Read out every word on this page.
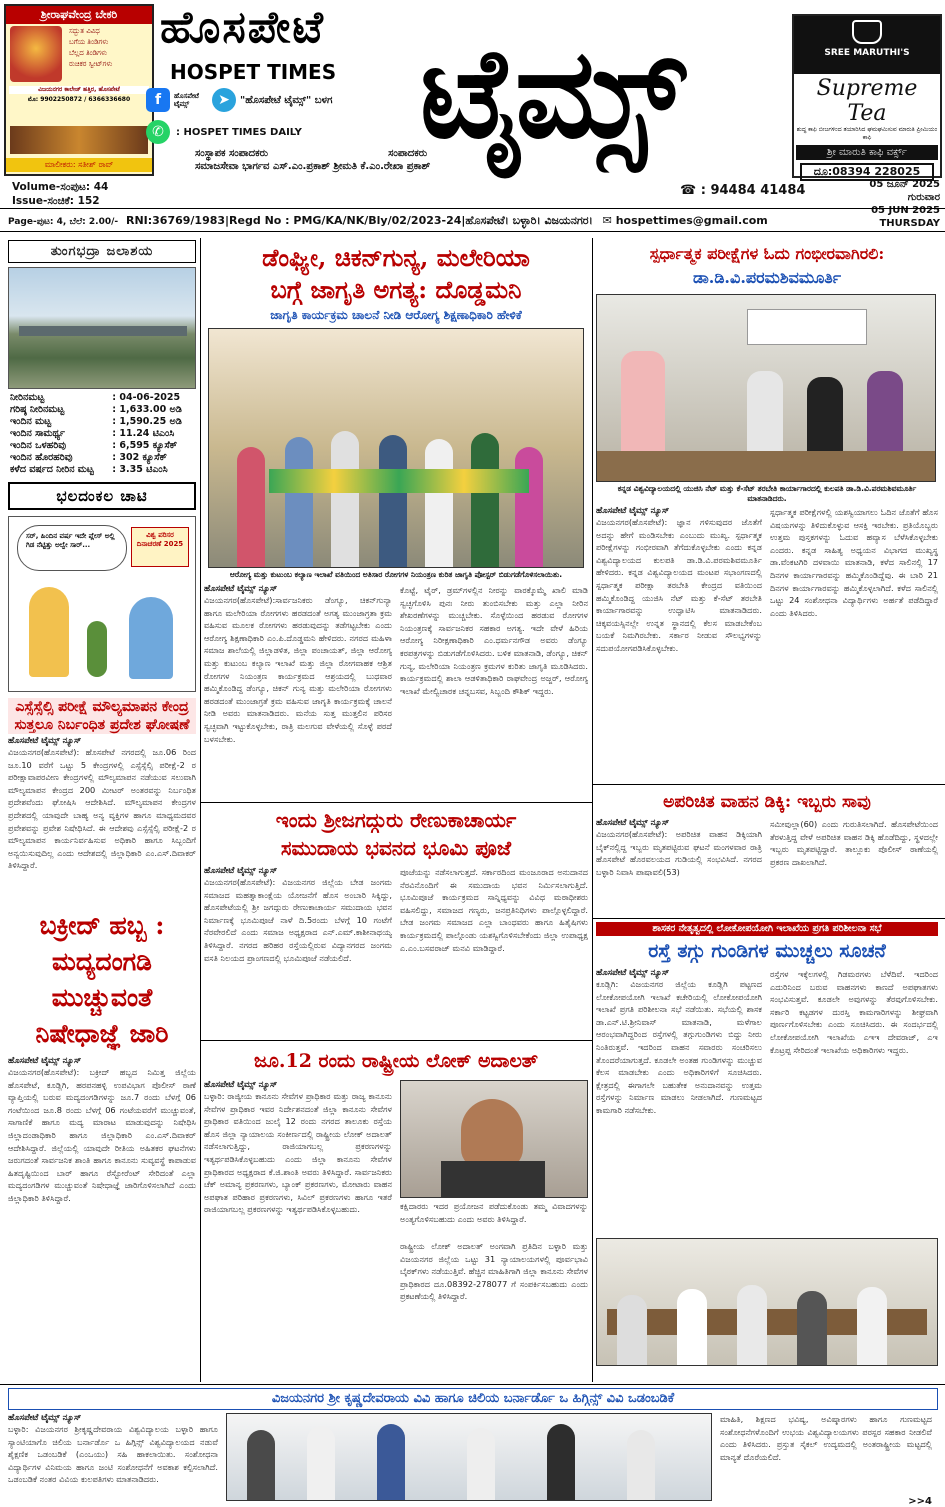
ಶ್ರೀರಾಘವೇಂದ್ರ ಬೇಕರಿ
ಸದ್ಭುತ ವಿವಿಧ
ಬಗೆಯ ತಿಂಡಿಗಳು
ಬೆಲ್ಲದ ತಿಂಡಿಗಳು
ರುಚಿಕರ ಸ್ವೀಟ್‌ಗಳು
ವಿಜಯನಗರ ಕಾಲೇಜ್ ಹತ್ತಿರ, ಹೊಸಪೇಟೆ
ಮೊ: 9902250872 / 6366336680
ಮಾಲೀಕರು: ಸತೀಶ್ ರಾವ್
ಹೊಸಪೇಟೆ
HOSPET TIMES ಟೈಮ್ಸ್
f	ಹೊಸಪೇಟೆ ಟೈಮ್ಸ್	➤	"ಹೊಸಪೇಟೆ ಟೈಮ್ಸ್" ಬಳಗ
✆	: HOSPET TIMES DAILY
ಸಂಸ್ಥಾಪಕ ಸಂಪಾದಕರು	ಸಂಪಾದಕರು
ಸಮಾಜಸೇವಾ ಭಾರ್ಗವ ಎಸ್.ಎಂ.ಪ್ರಕಾಶ್ ಶ್ರೀಮತಿ ಕೆ.ಎಂ.ರೇಖಾ ಪ್ರಕಾಶ್
SREE MARUTHI'S
Supreme Tea
ಶುದ್ಧ ಕಾಫಿ ಬೀಜಗಳಿಂದ ತಯಾರಿಸಿದ ಘಮಘಮಿಸುವ ಮಾರುತಿ ಪ್ರೀಮಿಯಂ ಕಾಫಿ
ಶ್ರೀ ಮಾರುತಿ ಕಾಫಿ ವರ್ಕ್ಸ್
ದೂ:08394 228025
Volume-ಸಂಪುಟ: 44
Issue-ಸಂಚಿಕೆ: 152
☎ : 94484 41484	05 ಜೂನ್ 2025
ಗುರುವಾರ
05 JUN 2025
THURSDAY
Page-ಪುಟ: 4, ಬೆಲೆ: 2.00/- RNI:36769/1983|Regd No : PMG/KA/NK/Bly/02/2023-24|ಹೊಸಪೇಟೆ। ಬಳ್ಳಾರಿ। ವಿಜಯನಗರ। ✉ hospettimes@gmail.com
ತುಂಗಭದ್ರಾ ಜಲಾಶಯ
ನೀರಿನಮಟ್ಟ	: 04-06-2025
ಗರಿಷ್ಠ ನೀರಿನಮಟ್ಟ	: 1,633.00 ಅಡಿ
ಇಂದಿನ ಮಟ್ಟ	: 1,590.25 ಅಡಿ
ಇಂದಿನ ಸಾಮರ್ಥ್ಯ	: 11.24 ಟಿಎಂಸಿ
ಇಂದಿನ ಒಳಹರಿವು	: 6,595 ಕ್ಯೂಸೆಕ್
ಇಂದಿನ ಹೊರಹರಿವು	: 302 ಕ್ಯೂಸೆಕ್
ಕಳೆದ ವರ್ಷದ ನೀರಿನ ಮಟ್ಟ	: 3.35 ಟಿಎಂಸಿ
ಭಲದಂಕಲ ಚಾಟಿ
ಸರ್, ಹಿಂದಿನ ವರ್ಷ ಇದೇ ಪ್ಲೇಸ್ ಅಲ್ಲಿ ಗಿಡ ನೆಟ್ಟಿತ್ತು ಅಲ್ವೇ ಸಾರ್...
ವಿಶ್ವ ಪರಿಸರ ದಿನಾಚರಣೆ 2025
ಎಸ್ಸೆಸ್ಸೆಲ್ಸಿ ಪರೀಕ್ಷೆ ಮೌಲ್ಯಮಾಪನ ಕೇಂದ್ರ ಸುತ್ತಲೂ ನಿರ್ಬಂಧಿತ ಪ್ರದೇಶ ಘೋಷಣೆ
ಹೊಸಪೇಟೆ ಟೈಮ್ಸ್ ನ್ಯೂಸ್
ವಿಜಯನಗರ(ಹೊಸಪೇಟೆ): ಹೊಸಪೇಟೆ ನಗರದಲ್ಲಿ ಜೂ.06 ರಿಂದ ಜೂ.10 ವರೆಗೆ ಒಟ್ಟು 5 ಕೇಂದ್ರಗಳಲ್ಲಿ ಎಸ್ಸೆಸ್ಸೆಲ್ಸಿ ಪರೀಕ್ಷೆ-2 ರ ಪರೀಕ್ಷಾವಾಪರವೀಣ ಕೇಂದ್ರಗಳಲ್ಲಿ ಮೌಲ್ಯಮಾಪನ ನಡೆಯುವ ಸಲುವಾಗಿ ಮೌಲ್ಯಮಾಪನ ಕೇಂದ್ರದ 200 ಮೀಟರ್ ಅಂತರವನ್ನು ನಿರ್ಬಂಧಿತ ಪ್ರದೇಶವೆಂದು ಘೋಷಿಸಿ ಆದೇಶಿಸಿದೆ. ಮೌಲ್ಯಮಾಪನ ಕೇಂದ್ರಗಳ ಪ್ರದೇಶದಲ್ಲಿ ಯಾವುದೇ ಬಾಹ್ಯ ಅನ್ಯ ವ್ಯಕ್ತಿಗಳ ಹಾಗೂ ಮಾಧ್ಯಮದವರ ಪ್ರವೇಶವನ್ನು ಪ್ರವೇಶ ನಿಷೇಧಿಸಿದೆ. ಈ ಆದೇಶವು ಎಸ್ಸೆಸ್ಸೆಲ್ಸಿ ಪರೀಕ್ಷೆ-2 ರ ಮೌಲ್ಯಮಾಪನ ಕಾರ್ಯನಿರ್ವಹಿಸುವ ಅಧಿಕಾರಿ ಹಾಗೂ ಸಿಬ್ಬಂದಿಗೆ ಅನ್ವಯಿಸುವುದಿಲ್ಲ ಎಂದು ಆದೇಶದಲ್ಲಿ ಜಿಲ್ಲಾಧಿಕಾರಿ ಎಂ.ಎಸ್.ದಿವಾಕರ್ ತಿಳಿಸಿದ್ದಾರೆ.
ಬಕ್ರೀದ್ ಹಬ್ಬ : ಮದ್ಯದಂಗಡಿ ಮುಚ್ಚುವಂತೆ ನಿಷೇಧಾಜ್ಞೆ ಜಾರಿ
ಹೊಸಪೇಟೆ ಟೈಮ್ಸ್ ನ್ಯೂಸ್
ವಿಜಯನಗರ(ಹೊಸಪೇಟೆ): ಬಕ್ರೀದ್ ಹಬ್ಬದ ನಿಮಿತ್ತ ಜಿಲ್ಲೆಯ ಹೊಸಪೇಟೆ, ಕೂಡ್ಲಿಗಿ, ಹರಪನಹಳ್ಳಿ ಉಪವಿಭಾಗ ಪೊಲೀಸ್ ಠಾಣೆ ವ್ಯಾಪ್ತಿಯಲ್ಲಿ ಬರುವ ಮದ್ಯದಂಗಡಿಗಳನ್ನು ಜೂ.7 ರಂದು ಬೆಳಗ್ಗೆ 06 ಗಂಟೆಯಿಂದ ಜೂ.8 ರಂದು ಬೆಳಗ್ಗೆ 06 ಗಂಟೆಯವರೆಗೆ ಮುಚ್ಚುವಂತೆ, ಸಾಗಾಣಿಕೆ ಹಾಗೂ ಮದ್ಯ ಮಾರಾಟ ಮಾಡುವುದನ್ನು ನಿಷೇಧಿಸಿ ಜಿಲ್ಲಾದಂಡಾಧಿಕಾರಿ ಹಾಗೂ ಜಿಲ್ಲಾಧಿಕಾರಿ ಎಂ.ಎಸ್.ದಿವಾಕರ್ ಆದೇಶಿಸಿದ್ದಾರೆ. ಜಿಲ್ಲೆಯಲ್ಲಿ ಯಾವುದೇ ರೀತಿಯ ಅಹಿತಕರ ಘಟನೆಗಳು ಜರುಗದಂತೆ ಸಾರ್ವಜನಿಕ ಶಾಂತಿ ಹಾಗೂ ಕಾನೂನು ಸುವ್ಯವಸ್ಥೆ ಕಾಪಾಡುವ ಹಿತದೃಷ್ಟಿಯಿಂದ ಬಾರ್ ಹಾಗೂ ರೆಸ್ಟೋರೆಂಟ್ ಸೇರಿದಂತೆ ಎಲ್ಲಾ ಮದ್ಯದಂಗಡಿಗಳ ಮುಚ್ಚುವಂತೆ ನಿಷೇಧಾಜ್ಞೆ ಜಾರಿಗೊಳಿಸಲಾಗಿದೆ ಎಂದು ಜಿಲ್ಲಾಧಿಕಾರಿ ತಿಳಿಸಿದ್ದಾರೆ.
ಡೆಂಘ್ಯೀ, ಚಿಕನ್‌ಗುನ್ಯ, ಮಲೇರಿಯಾ
ಬಗ್ಗೆ ಜಾಗೃತಿ ಅಗತ್ಯ: ದೊಡ್ಡಮನಿ
ಜಾಗೃತಿ ಕಾರ್ಯಕ್ರಮ ಚಾಲನೆ ನೀಡಿ ಆರೋಗ್ಯ ಶಿಕ್ಷಣಾಧಿಕಾರಿ ಹೇಳಿಕೆ
ಆರೋಗ್ಯ ಮತ್ತು ಕುಟುಂಬ ಕಲ್ಯಾಣ ಇಲಾಖೆ ವತಿಯಿಂದ ಅತಿಸಾರ ರೋಗಗಳ ನಿಯಂತ್ರಣ ಕುರಿತ ಜಾಗೃತಿ ಪೋಸ್ಟರ್ ಬಿಡುಗಡೆಗೊಳಿಸಲಾಯಿತು.
ಹೊಸಪೇಟೆ ಟೈಮ್ಸ್ ನ್ಯೂಸ್
ವಿಜಯನಗರ(ಹೊಸಪೇಟೆ):ಸಾರ್ವಜನಿಕರು ಡೆಂಗ್ಯೂ, ಚಿಕನ್‌ಗುನ್ಯಾ ಹಾಗೂ ಮಲೇರಿಯಾ ರೋಗಗಳು ಹರಡದಂತೆ ಅಗತ್ಯ ಮುಂಜಾಗ್ರತಾ ಕ್ರಮ ವಹಿಸುವ ಮೂಲಕ ರೋಗಗಳು ಹರಡುವುದನ್ನು ತಡೆಗಟ್ಟಬೇಕು ಎಂದು ಆರೋಗ್ಯ ಶಿಕ್ಷಣಾಧಿಕಾರಿ ಎಂ.ಪಿ.ದೊಡ್ಡಮನಿ ಹೇಳಿದರು. ನಗರದ ಮಹಿಳಾ ಸಮಾಜ ಶಾಲೆಯಲ್ಲಿ ಜಿಲ್ಲಾಡಳಿತ, ಜಿಲ್ಲಾ ಪಂಚಾಯತ್, ಜಿಲ್ಲಾ ಆರೋಗ್ಯ ಮತ್ತು ಕುಟುಂಬ ಕಲ್ಯಾಣ ಇಲಾಖೆ ಮತ್ತು ಜಿಲ್ಲಾ ರೋಗವಾಹಕ ಆಶ್ರಿತ ರೋಗಗಳ ನಿಯಂತ್ರಣ ಕಾರ್ಯಕ್ರಮದ ಆಶ್ರಯದಲ್ಲಿ ಬುಧವಾರ ಹಮ್ಮಿಕೊಂಡಿದ್ದ ಡೆಂಗ್ಯೂ, ಚಿಕನ್ ಗುನ್ಯ ಮತ್ತು ಮಲೇರಿಯಾ ರೋಗಗಳು ಹರಡದಂತೆ ಮುಂಜಾಗ್ರತೆ ಕ್ರಮ ವಹಿಸುವ ಜಾಗೃತಿ ಕಾರ್ಯಕ್ರಮಕ್ಕೆ ಚಾಲನೆ ನೀಡಿ ಅವರು ಮಾತನಾಡಿದರು. ಮನೆಯ ಸುತ್ತ ಮುತ್ತಲಿನ ಪರಿಸರ ಸ್ವಚ್ಛವಾಗಿ ಇಟ್ಟುಕೊಳ್ಳಬೇಕು, ರಾತ್ರಿ ಮಲಗುವ ವೇಳೆಯಲ್ಲಿ ಸೊಳ್ಳೆ ಪರದೆ ಬಳಸಬೇಕು.
ಕೊಟ್ಟೆ, ಟೈರ್, ಡ್ರಮ್‌ಗಳಲ್ಲಿನ ನೀರನ್ನು ವಾರಕ್ಕೊಮ್ಮೆ ಖಾಲಿ ಮಾಡಿ ಸ್ವಚ್ಛಗೊಳಿಸಿ ಪುನಃ ನೀರು ತುಂಬಿಸಬೇಕು ಮತ್ತು ಎಲ್ಲಾ ನೀರಿನ ಶೇಖರಣೆಗಳನ್ನು ಮುಚ್ಚಬೇಕು. ಸೊಳ್ಳೆಯಿಂದ ಹರಡುವ ರೋಗಗಳ ನಿಯಂತ್ರಣಕ್ಕೆ ಸಾರ್ವಜನಿಕರ ಸಹಕಾರ ಅಗತ್ಯ. ಇದೇ ವೇಳೆ ಹಿರಿಯ ಆರೋಗ್ಯ ನಿರೀಕ್ಷಣಾಧಿಕಾರಿ ಎಂ.ಧರ್ಮನಗೌಡ ಅವರು ಡೆಂಗ್ಯೂ ಕರಪತ್ರಗಳನ್ನು ಬಿಡುಗಡೆಗೊಳಿಸಿದರು. ಬಳಿಕ ಮಾತನಾಡಿ, ಡೆಂಗ್ಯೂ, ಚಿಕನ್ ಗುನ್ಯ, ಮಲೇರಿಯಾ ನಿಯಂತ್ರಣ ಕ್ರಮಗಳ ಕುರಿತು ಜಾಗೃತಿ ಮೂಡಿಸಿದರು. ಕಾರ್ಯಕ್ರಮದಲ್ಲಿ ಶಾಲಾ ಆಡಳಿತಾಧಿಕಾರಿ ರಾಘವೇಂದ್ರ ಅಜ್ಜರ್, ಆರೋಗ್ಯ ಇಲಾಖೆ ಮೇಲ್ವಿಚಾರಕ ಚನ್ನಬಸವ, ಸಿಬ್ಬಂದಿ ಕೌಶಿಕ್ ಇದ್ದರು.
ಇಂದು ಶ್ರೀಜಗದ್ಗುರು ರೇಣುಕಾಚಾರ್ಯ
ಸಮುದಾಯ ಭವನದ ಭೂಮಿ ಪೂಜೆ
ಹೊಸಪೇಟೆ ಟೈಮ್ಸ್ ನ್ಯೂಸ್
ವಿಜಯನಗರ(ಹೊಸಪೇಟೆ): ವಿಜಯನಗರ ಜಿಲ್ಲೆಯ ಬೇಡ ಜಂಗಮ ಸಮಾಜದ ಮಹತ್ವಾಕಾಂಕ್ಷೆಯ ಯೋಜನೆಗೆ ಹೊಸ ಅಂಬಾರಿ ಸಿಕ್ಕಿದ್ದು, ಹೊಸಪೇಟೆಯಲ್ಲಿ ಶ್ರೀ ಜಗದ್ಗುರು ರೇಣುಕಾಚಾರ್ಯ ಸಮುದಾಯ ಭವನ ನಿರ್ಮಾಣಕ್ಕೆ ಭೂಮಿಪೂಜೆ ನಾಳೆ ದಿ.5ರಂದು ಬೆಳಗ್ಗೆ 10 ಗಂಟೆಗೆ ನೆರವೇರಲಿದೆ ಎಂದು ಸಮಾಜ ಅಧ್ಯಕ್ಷರಾದ ಎನ್.ಎಮ್.ಕಾಶೀನಾಥಯ್ಯ ತಿಳಿಸಿದ್ದಾರೆ. ನಗರದ ಹರಿಹರ ರಸ್ತೆಯಲ್ಲಿರುವ ವಿದ್ಯಾನಗರದ ಜಂಗಮ ವಸತಿ ನಿಲಯದ ಪ್ರಾಂಗಣದಲ್ಲಿ ಭೂಮಿಪೂಜೆ ನಡೆಯಲಿದೆ.
ಪೂಜೆಯನ್ನು ನಡೆಸಲಾಗುತ್ತದೆ. ಸರ್ಕಾರದಿಂದ ಮಂಜೂರಾದ ಅನುದಾನದ ನೆರವಿನೊಂದಿಗೆ ಈ ಸಮುದಾಯ ಭವನ ನಿರ್ಮಿಸಲಾಗುತ್ತಿದೆ. ಭೂಮಿಪೂಜೆ ಕಾರ್ಯಕ್ರಮದ ಸಾನ್ನಿಧ್ಯವನ್ನು ವಿವಿಧ ಮಠಾಧೀಶರು ವಹಿಸಲಿದ್ದು, ಸಮಾಜದ ಗಣ್ಯರು, ಜನಪ್ರತಿನಿಧಿಗಳು ಪಾಲ್ಗೊಳ್ಳಲಿದ್ದಾರೆ. ಬೇಡ ಜಂಗಮ ಸಮಾಜದ ಎಲ್ಲಾ ಬಾಂಧವರು ಹಾಗೂ ಹಿತೈಷಿಗಳು ಕಾರ್ಯಕ್ರಮದಲ್ಲಿ ಪಾಲ್ಗೊಂಡು ಯಶಸ್ವಿಗೊಳಿಸಬೇಕೆಂದು ಜಿಲ್ಲಾ ಉಪಾಧ್ಯಕ್ಷ ಎ.ಎಂ.ಬಸವರಾಜ್ ಮನವಿ ಮಾಡಿದ್ದಾರೆ.
ಜೂ.12 ರಂದು ರಾಷ್ಟ್ರೀಯ ಲೋಕ್ ಅದಾಲತ್
ಹೊಸಪೇಟೆ ಟೈಮ್ಸ್ ನ್ಯೂಸ್
ಬಳ್ಳಾರಿ: ರಾಜ್ಯೀಯ ಕಾನೂನು ಸೇವೆಗಳ ಪ್ರಾಧಿಕಾರ ಮತ್ತು ರಾಜ್ಯ ಕಾನೂನು ಸೇವೆಗಳ ಪ್ರಾಧಿಕಾರ ಇವರ ನಿರ್ದೇಶನದಂತೆ ಜಿಲ್ಲಾ ಕಾನೂನು ಸೇವೆಗಳ ಪ್ರಾಧಿಕಾರ ವತಿಯಿಂದ ಜುಲೈ 12 ರಂದು ನಗರದ ತಾಲೂಕು ರಸ್ತೆಯ ಹೊಸ ಜಿಲ್ಲಾ ನ್ಯಾಯಾಲಯ ಸಂಕೀರ್ಣದಲ್ಲಿ ರಾಷ್ಟ್ರೀಯ ಲೋಕ್ ಅದಾಲತ್ ನಡೆಸಲಾಗುತ್ತಿದ್ದು, ರಾಜಿಯಾಗಬಲ್ಲ ಪ್ರಕರಣಗಳನ್ನು ಇತ್ಯರ್ಥಪಡಿಸಿಕೊಳ್ಳಬಹುದು ಎಂದು ಜಿಲ್ಲಾ ಕಾನೂನು ಸೇವೆಗಳ ಪ್ರಾಧಿಕಾರದ ಅಧ್ಯಕ್ಷರಾದ ಕೆ.ಜಿ.ಶಾಂತಿ ಅವರು ತಿಳಿಸಿದ್ದಾರೆ. ಸಾರ್ವಜನಿಕರು ಚೆಕ್ ಅಮಾನ್ಯ ಪ್ರಕರಣಗಳು, ಬ್ಯಾಂಕ್ ಪ್ರಕರಣಗಳು, ಮೋಟಾರು ವಾಹನ ಅಪಘಾತ ಪರಿಹಾರ ಪ್ರಕರಣಗಳು, ಸಿವಿಲ್ ಪ್ರಕರಣಗಳು ಹಾಗೂ ಇತರೆ ರಾಜಿಯಾಗಬಲ್ಲ ಪ್ರಕರಣಗಳನ್ನು ಇತ್ಯರ್ಥಪಡಿಸಿಕೊಳ್ಳಬಹುದು.	ಕಕ್ಷಿದಾರರು ಇದರ ಪ್ರಯೋಜನ ಪಡೆದುಕೊಂಡು ತಮ್ಮ ವಿವಾದಗಳನ್ನು ಅಂತ್ಯಗೊಳಿಸಬಹುದು ಎಂದು ಅವರು ತಿಳಿಸಿದ್ದಾರೆ.
ರಾಷ್ಟ್ರೀಯ ಲೋಕ್ ಅದಾಲತ್ ಅಂಗವಾಗಿ ಪ್ರತಿದಿನ ಬಳ್ಳಾರಿ ಮತ್ತು ವಿಜಯನಗರ ಜಿಲ್ಲೆಯ ಒಟ್ಟು 31 ನ್ಯಾಯಾಲಯಗಳಲ್ಲಿ ಪೂರ್ವಭಾವಿ ಬೈಠಕ್‌ಗಳು ನಡೆಯುತ್ತಿವೆ. ಹೆಚ್ಚಿನ ಮಾಹಿತಿಗಾಗಿ ಜಿಲ್ಲಾ ಕಾನೂನು ಸೇವೆಗಳ ಪ್ರಾಧಿಕಾರದ ದೂ.08392-278077 ಗೆ ಸಂಪರ್ಕಿಸಬಹುದು ಎಂದು ಪ್ರಕಟಣೆಯಲ್ಲಿ ತಿಳಿಸಿದ್ದಾರೆ.
ಸ್ಪರ್ಧಾತ್ಮಕ ಪರೀಕ್ಷೆಗಳ ಓದು ಗಂಭೀರವಾಗಿರಲಿ:
ಡಾ.ಡಿ.ವಿ.ಪರಮಶಿವಮೂರ್ತಿ
ಕನ್ನಡ ವಿಶ್ವವಿದ್ಯಾಲಯದಲ್ಲಿ ಯುಜಿಸಿ ನೆಟ್ ಮತ್ತು ಕೆ-ಸೆಟ್ ತರಬೇತಿ ಕಾರ್ಯಾಗಾರದಲ್ಲಿ ಕುಲಪತಿ ಡಾ.ಡಿ.ವಿ.ಪರಮಶಿವಮೂರ್ತಿ ಮಾತನಾಡಿದರು.
ಹೊಸಪೇಟೆ ಟೈಮ್ಸ್ ನ್ಯೂಸ್
ವಿಜಯನಗರ(ಹೊಸಪೇಟೆ): ಜ್ಞಾನ ಗಳಿಸುವುದರ ಜೊತೆಗೆ ಅದನ್ನು ಹೇಗೆ ಮಂಡಿಸಬೇಕು ಎಂಬುದು ಮುಖ್ಯ. ಸ್ಪರ್ಧಾತ್ಮಕ ಪರೀಕ್ಷೆಗಳನ್ನು ಗಂಭೀರವಾಗಿ ತೆಗೆದುಕೊಳ್ಳಬೇಕು ಎಂದು ಕನ್ನಡ ವಿಶ್ವವಿದ್ಯಾಲಯದ ಕುಲಪತಿ ಡಾ.ಡಿ.ವಿ.ಪರಮಶಿವಮೂರ್ತಿ ಹೇಳಿದರು. ಕನ್ನಡ ವಿಶ್ವವಿದ್ಯಾಲಯದ ಮಂಟಪ ಸಭಾಂಗಣದಲ್ಲಿ ಸ್ಪರ್ಧಾತ್ಮಕ ಪರೀಕ್ಷಾ ತರಬೇತಿ ಕೇಂದ್ರದ ವತಿಯಿಂದ ಹಮ್ಮಿಕೊಂಡಿದ್ದ ಯುಜಿಸಿ ನೆಟ್ ಮತ್ತು ಕೆ-ಸೆಟ್ ತರಬೇತಿ ಕಾರ್ಯಾಗಾರವನ್ನು ಉದ್ಘಾಟಿಸಿ ಮಾತನಾಡಿದರು. ಚಿಕ್ಕವಯಸ್ಸಿನಲ್ಲೇ ಉನ್ನತ ಸ್ಥಾನದಲ್ಲಿ ಕೆಲಸ ಮಾಡಬೇಕೆಂಬ ಬಯಕೆ ನಿಮಗಿರಬೇಕು. ಸರ್ಕಾರ ನೀಡುವ ಸೌಲಭ್ಯಗಳನ್ನು ಸದುಪಯೋಗಪಡಿಸಿಕೊಳ್ಳಬೇಕು.
ಸ್ಪರ್ಧಾತ್ಮಕ ಪರೀಕ್ಷೆಗಳಲ್ಲಿ ಯಶಸ್ವಿಯಾಗಲು ಓದಿನ ಜೊತೆಗೆ ಹೊಸ ವಿಷಯಗಳನ್ನು ತಿಳಿದುಕೊಳ್ಳುವ ಆಸಕ್ತಿ ಇರಬೇಕು. ಪ್ರತಿಯೊಬ್ಬರು ಉತ್ತಮ ಪುಸ್ತಕಗಳನ್ನು ಓದುವ ಹವ್ಯಾಸ ಬೆಳೆಸಿಕೊಳ್ಳಬೇಕು ಎಂದರು. ಕನ್ನಡ ಸಾಹಿತ್ಯ ಅಧ್ಯಯನ ವಿಭಾಗದ ಮುಖ್ಯಸ್ಥ ಡಾ.ವೆಂಕಟಗಿರಿ ದಳವಾಯಿ ಮಾತನಾಡಿ, ಕಳೆದ ಸಾಲಿನಲ್ಲಿ 17 ದಿನಗಳ ಕಾರ್ಯಾಗಾರವನ್ನು ಹಮ್ಮಿಕೊಂಡಿದ್ದೆವು. ಈ ಬಾರಿ 21 ದಿನಗಳ ಕಾರ್ಯಾಗಾರವನ್ನು ಹಮ್ಮಿಕೊಳ್ಳಲಾಗಿದೆ. ಕಳೆದ ಸಾಲಿನಲ್ಲಿ ಒಟ್ಟು 24 ಸಂಶೋಧನಾ ವಿದ್ಯಾರ್ಥಿಗಳು ಅರ್ಹತೆ ಪಡೆದಿದ್ದಾರೆ ಎಂದು ತಿಳಿಸಿದರು.
ಅಪರಿಚಿತ ವಾಹನ ಡಿಕ್ಕಿ: ಇಬ್ಬರು ಸಾವು
ಹೊಸಪೇಟೆ ಟೈಮ್ಸ್ ನ್ಯೂಸ್
ವಿಜಯನಗರ(ಹೊಸಪೇಟೆ): ಅಪರಿಚಿತ ವಾಹನ ಡಿಕ್ಕಿಯಾಗಿ ಬೈಕ್‌ನಲ್ಲಿದ್ದ ಇಬ್ಬರು ಮೃತಪಟ್ಟಿರುವ ಘಟನೆ ಮಂಗಳವಾರ ರಾತ್ರಿ ಹೊಸಪೇಟೆ ಹೊರವಲಯದ ಗುಡಿಯಲ್ಲಿ ಸಂಭವಿಸಿದೆ. ನಗರದ ಬಳ್ಳಾರಿ ನಿವಾಸಿ ಪಾಷಾವಲಿ(53)
ಸಮೀವುಲ್ಲಾ(60) ಎಂದು ಗುರುತಿಸಲಾಗಿದೆ. ಹೊಸಪೇಟೆಯಿಂದ ತೆರಳುತ್ತಿದ್ದ ವೇಳೆ ಅಪರಿಚಿತ ವಾಹನ ಡಿಕ್ಕಿ ಹೊಡೆದಿದ್ದು, ಸ್ಥಳದಲ್ಲೇ ಇಬ್ಬರು ಮೃತಪಟ್ಟಿದ್ದಾರೆ. ತಾಲ್ಲೂಕು ಪೊಲೀಸ್ ಠಾಣೆಯಲ್ಲಿ ಪ್ರಕರಣ ದಾಖಲಾಗಿದೆ.
ಶಾಸಕರ ನೇತೃತ್ವದಲ್ಲಿ ಲೋಕೋಪಯೋಗಿ ಇಲಾಖೆಯ ಪ್ರಗತಿ ಪರಿಶೀಲನಾ ಸಭೆ
ರಸ್ತೆ ತಗ್ಗು ಗುಂಡಿಗಳ ಮುಚ್ಚಲು ಸೂಚನೆ
ಹೊಸಪೇಟೆ ಟೈಮ್ಸ್ ನ್ಯೂಸ್
ಕೂಡ್ಲಿಗಿ: ವಿಜಯನಗರ ಜಿಲ್ಲೆಯ ಕೂಡ್ಲಿಗಿ ಪಟ್ಟಣದ ಲೋಕೋಪಯೋಗಿ ಇಲಾಖೆ ಕಚೇರಿಯಲ್ಲಿ ಲೋಕೋಪಯೋಗಿ ಇಲಾಖೆ ಪ್ರಗತಿ ಪರಿಶೀಲನಾ ಸಭೆ ನಡೆಯಿತು. ಸಭೆಯಲ್ಲಿ ಶಾಸಕ ಡಾ.ಎನ್.ಟಿ.ಶ್ರೀನಿವಾಸ್ ಮಾತನಾಡಿ, ಮಳೆಗಾಲ ಆರಂಭವಾಗಿದ್ದರಿಂದ ರಸ್ತೆಗಳಲ್ಲಿ ತಗ್ಗುಗುಂಡಿಗಳು ಬಿದ್ದು ನೀರು ನಿಂತಿರುತ್ತವೆ. ಇದರಿಂದ ವಾಹನ ಸವಾರರು ಸಂಚರಿಸಲು ತೊಂದರೆಯಾಗುತ್ತದೆ. ಕೂಡಲೇ ಅಂತಹ ಗುಂಡಿಗಳನ್ನು ಮುಚ್ಚುವ ಕೆಲಸ ಮಾಡಬೇಕು ಎಂದು ಅಧಿಕಾರಿಗಳಿಗೆ ಸೂಚಿಸಿದರು. ಕ್ಷೇತ್ರದಲ್ಲಿ ಈಗಾಗಲೇ ಬಹುತೇಕ ಅನುದಾನವನ್ನು ಉತ್ತಮ ರಸ್ತೆಗಳನ್ನು ನಿರ್ಮಾಣ ಮಾಡಲು ನೀಡಲಾಗಿದೆ. ಗುಣಮಟ್ಟದ ಕಾಮಗಾರಿ ನಡೆಸಬೇಕು.
ರಸ್ತೆಗಳ ಇಕ್ಕೆಲಗಳಲ್ಲಿ ಗಿಡಮರಗಳು ಬೆಳೆದಿವೆ. ಇದರಿಂದ ಎದುರಿನಿಂದ ಬರುವ ವಾಹನಗಳು ಕಾಣದೆ ಅಪಘಾತಗಳು ಸಂಭವಿಸುತ್ತವೆ. ಕೂಡಲೇ ಅವುಗಳನ್ನು ತೆರವುಗೊಳಿಸಬೇಕು. ಸರ್ಕಾರಿ ಕಟ್ಟಡಗಳ ದುರಸ್ತಿ ಕಾಮಗಾರಿಗಳನ್ನು ಶೀಘ್ರವಾಗಿ ಪೂರ್ಣಗೊಳಿಸಬೇಕು ಎಂದು ಸೂಚಿಸಿದರು. ಈ ಸಂದರ್ಭದಲ್ಲಿ ಲೋಕೋಪಯೋಗಿ ಇಲಾಖೆಯ ಎಇಇ ದೇವರಾಜ್, ಎಇ ಕೊಟ್ರಪ್ಪ ಸೇರಿದಂತೆ ಇಲಾಖೆಯ ಅಧಿಕಾರಿಗಳು ಇದ್ದರು.
ವಿಜಯನಗರ ಶ್ರೀ ಕೃಷ್ಣದೇವರಾಯ ವಿವಿ ಹಾಗೂ ಚಿಲಿಯ ಬರ್ನಾರ್ಡೊ ಒ ಹಿಗ್ಗಿನ್ಸ್ ವಿವಿ ಒಡಂಬಡಿಕೆ
ಹೊಸಪೇಟೆ ಟೈಮ್ಸ್ ನ್ಯೂಸ್
ಬಳ್ಳಾರಿ: ವಿಜಯನಗರ ಶ್ರೀಕೃಷ್ಣದೇವರಾಯ ವಿಶ್ವವಿದ್ಯಾಲಯ ಬಳ್ಳಾರಿ ಹಾಗೂ ಸ್ಯಾಂಟಿಯಾಗೊ ಚಿಲಿಯ ಬರ್ನಾರ್ಡೊ ಒ ಹಿಗ್ಗಿನ್ಸ್ ವಿಶ್ವವಿದ್ಯಾಲಯದ ನಡುವೆ ಶೈಕ್ಷಣಿಕ ಒಡಂಬಡಿಕೆ (ಎಂಒಯು) ಸಹಿ ಹಾಕಲಾಯಿತು. ಸಂಶೋಧನಾ ವಿದ್ಯಾರ್ಥಿಗಳ ವಿನಿಮಯ ಹಾಗೂ ಜಂಟಿ ಸಂಶೋಧನೆಗೆ ಅವಕಾಶ ಕಲ್ಪಿಸಲಾಗಿದೆ. ಒಡಂಬಡಿಕೆ ನಂತರ ವಿವಿಯ ಕುಲಪತಿಗಳು ಮಾತನಾಡಿದರು.
ಮಾಹಿತಿ, ಶಿಕ್ಷಣದ ಭವಿಷ್ಯ, ಅವಿಷ್ಕಾರಗಳು ಹಾಗೂ ಗುಣಮಟ್ಟದ ಸಂಶೋಧನೆಗಳೊಂದಿಗೆ ಉಭಯ ವಿಶ್ವವಿದ್ಯಾಲಯಗಳು ಪರಸ್ಪರ ಸಹಕಾರ ನೀಡಲಿವೆ ಎಂದು ತಿಳಿಸಿದರು. ಪ್ರಸ್ತುತ ಸೈಕಲ್ ಉದ್ಯಮದಲ್ಲಿ ಅಂತರಾಷ್ಟ್ರೀಯ ಮಟ್ಟದಲ್ಲಿ ಮಾನ್ಯತೆ ದೊರೆಯಲಿದೆ.
>>4
